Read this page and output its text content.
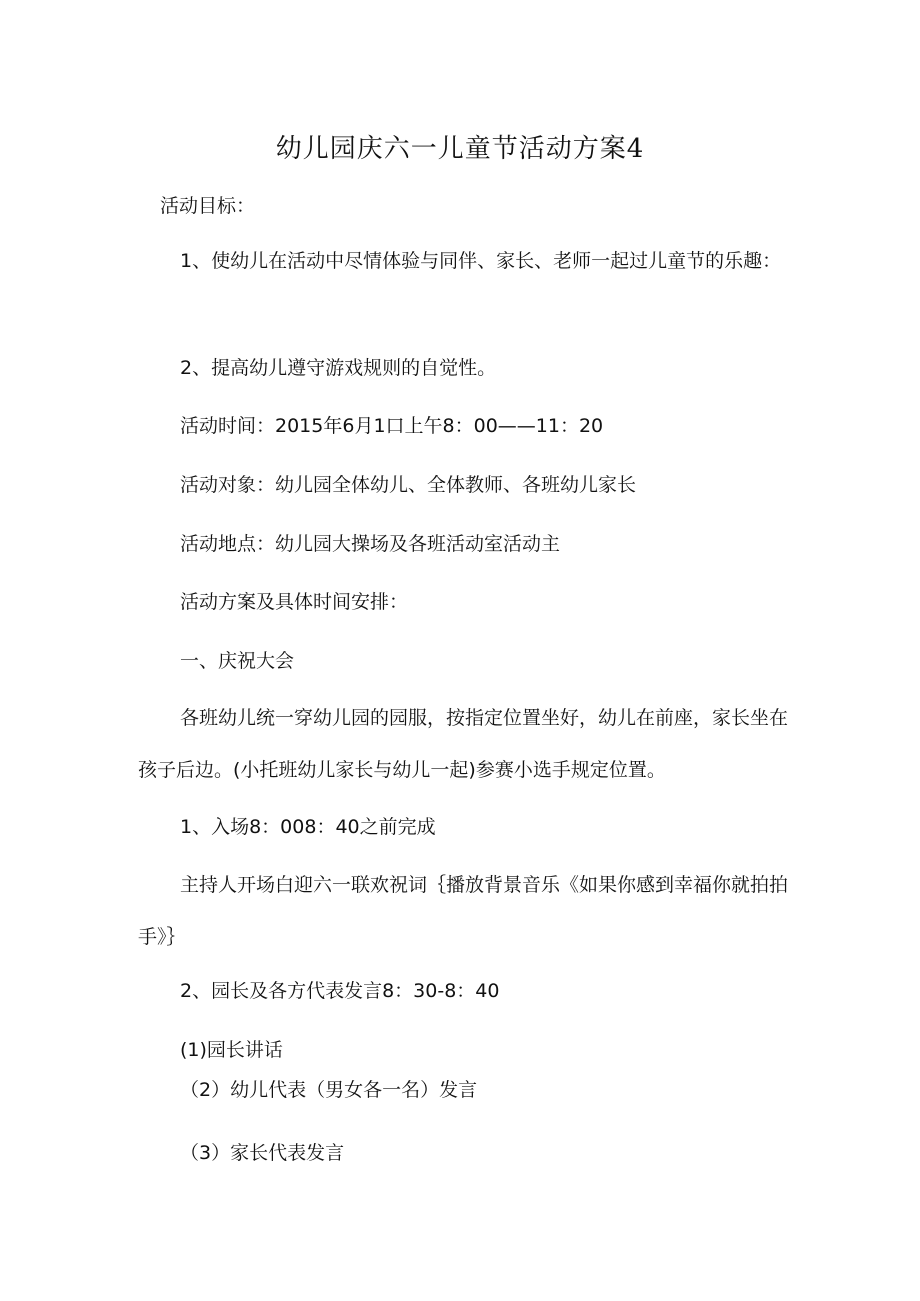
幼儿园庆六一儿童节活动方案4
活动目标：
1、使幼儿在活动中尽情体验与同伴、家长、老师一起过儿童节的乐趣：
2、提高幼儿遵守游戏规则的自觉性。
活动时间：2015年6月1口上午8：00——11：20
活动对象：幼儿园全体幼儿、全体教师、各班幼儿家长
活动地点：幼儿园大操场及各班活动室活动主
活动方案及具体时间安排：
一、庆祝大会
各班幼儿统一穿幼儿园的园服，按指定位置坐好，幼儿在前座，家长坐在孩子后边。(小托班幼儿家长与幼儿一起)参赛小选手规定位置。
1、入场8：008：40之前完成
主持人开场白迎六一联欢祝词｛播放背景音乐《如果你感到幸福你就拍拍手》｝
2、园长及各方代表发言8：30-8：40
(1)园长讲话
（2）幼儿代表（男女各一名）发言
（3）家长代表发言
